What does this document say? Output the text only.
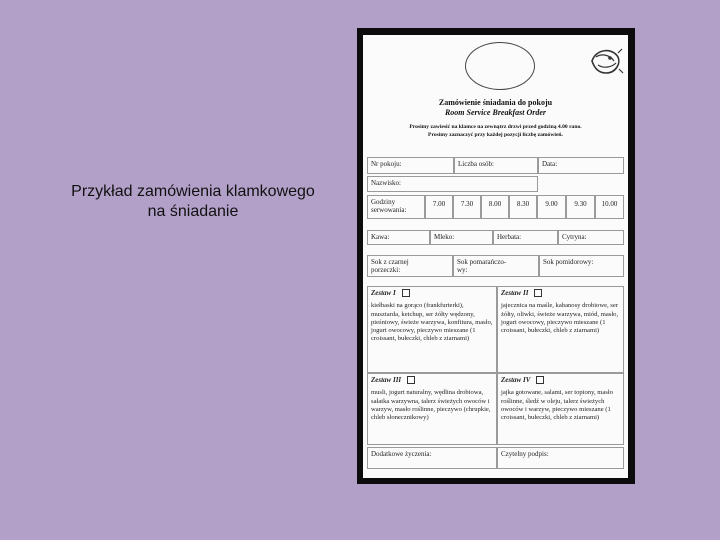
Przykład zamówienia klamkowego
na śniadanie
Zamówienie śniadania do pokoju
Room Service Breakfast Order
Prosimy zawiesić na klamce na zewnątrz drzwi przed godziną 4.00 rano.
Prosimy zaznaczyć przy każdej pozycji liczbę zamówień.
Nr pokoju:	Liczba osób:	Data:
Nazwisko:
Godziny
serwowania:
7.00	7.30	8.00	8.30	9.00	9.30	10.00
Kawa:	Mleko:	Herbata:	Cytryna:
Sok z czarnej
porzeczki:
Sok pomarańczo-
wy:
Sok pomidorowy:
Zestaw I
kiełbaski na gorąco (frankfurterki), musztarda, ketchup, ser żółty wędzony, pieśniowy, świeże warzywa, konfitura, masło, jogurt owocowy, pieczywo mieszane (1 croissant, bułeczki, chleb z ziarnami)
Zestaw II
jajecznica na maśle, kabanosy drobiowe, ser żółty, oliwki, świeże warzywa, miód, masło, jogurt owocowy, pieczywo mieszane (1 croissant, bułeczki, chleb z ziarnami)
Zestaw III
musli, jogurt naturalny, wędlina drobiowa, sałatka warzywna, talerz świeżych owoców i warzyw, masło roślinne, pieczywo (chrupkie, chleb słonecznikowy)
Zestaw IV
jajka gotowane, salami, ser topiony, masło roślinne, śledź w oleju, talerz świeżych owoców i warzyw, pieczywo mieszane (1 croissant, bułeczki, chleb z ziarnami)
Dodatkowe życzenia:	Czytelny podpis:
